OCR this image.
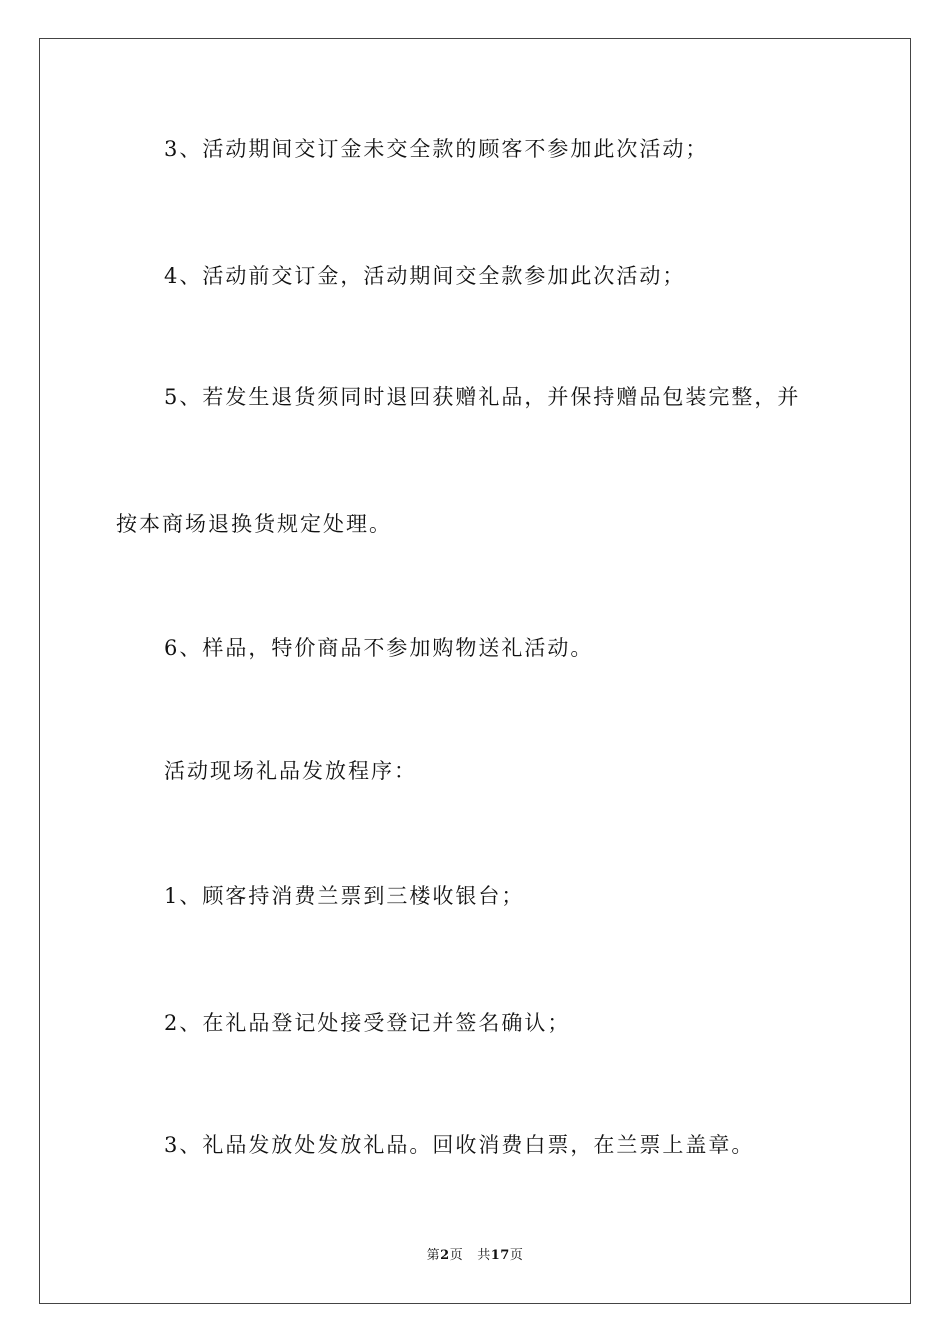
3、活动期间交订金未交全款的顾客不参加此次活动；
4、活动前交订金，活动期间交全款参加此次活动；
5、若发生退货须同时退回获赠礼品，并保持赠品包装完整，并
按本商场退换货规定处理。
6、样品，特价商品不参加购物送礼活动。
活动现场礼品发放程序：
1、顾客持消费兰票到三楼收银台；
2、在礼品登记处接受登记并签名确认；
3、礼品发放处发放礼品。回收消费白票，在兰票上盖章。
第2页 共17页
